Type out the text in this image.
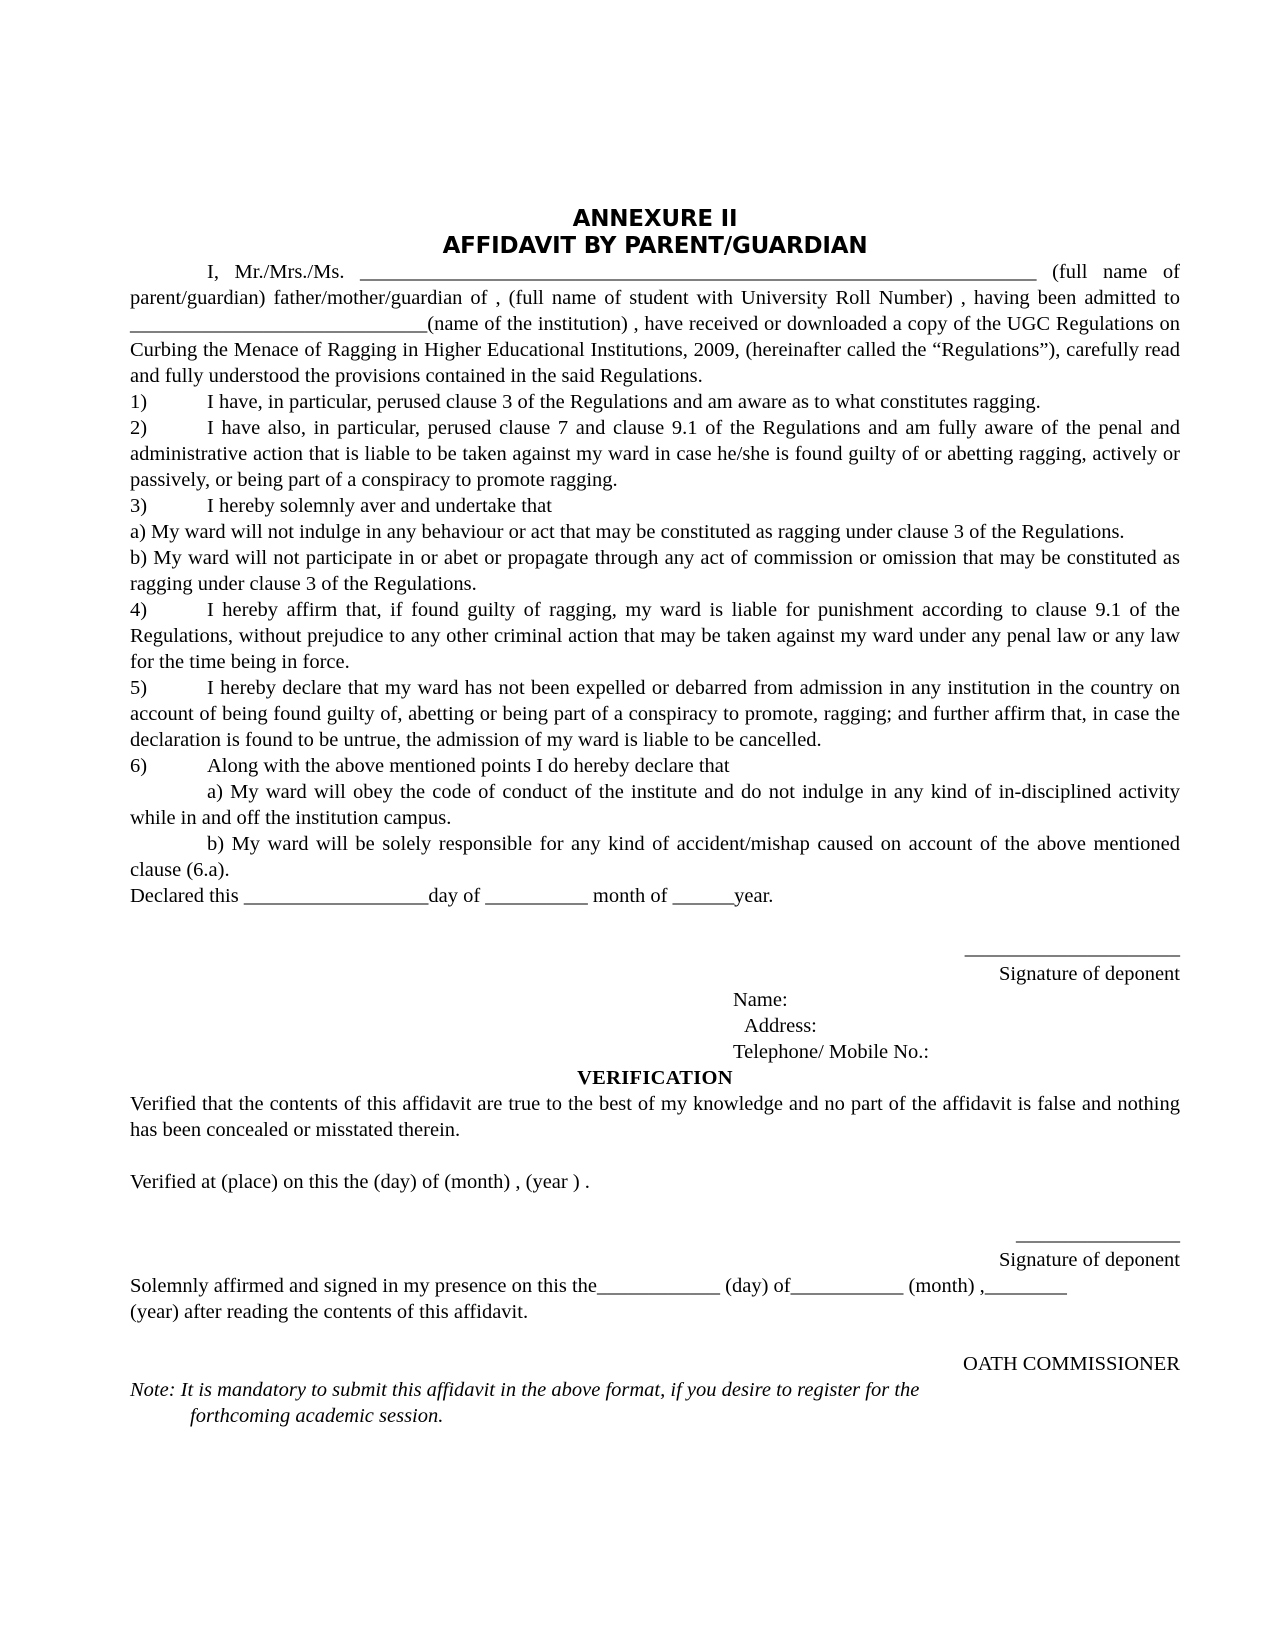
ANNEXURE II
AFFIDAVIT BY PARENT/GUARDIAN

I, Mr./Mrs./Ms. __________________________________________________________________ (full name of parent/guardian) father/mother/guardian of , (full name of student with University Roll Number) , having been admitted to _____________________________(name of the institution) , have received or downloaded a copy of the UGC Regulations on Curbing the Menace of Ragging in Higher Educational Institutions, 2009, (hereinafter called the “Regulations”), carefully read and fully understood the provisions contained in the said Regulations.

1)	I have, in particular, perused clause 3 of the Regulations and am aware as to what constitutes ragging.

2)	I have also, in particular, perused clause 7 and clause 9.1 of the Regulations and am fully aware of the penal and administrative action that is liable to be taken against my ward in case he/she is found guilty of or abetting ragging, actively or passively, or being part of a conspiracy to promote ragging.

3)	I hereby solemnly aver and undertake that

a) My ward will not indulge in any behaviour or act that may be constituted as ragging under clause 3 of the Regulations.

b) My ward will not participate in or abet or propagate through any act of commission or omission that may be constituted as ragging under clause 3 of the Regulations.

4)	I hereby affirm that, if found guilty of ragging, my ward is liable for punishment according to clause 9.1 of the Regulations, without prejudice to any other criminal action that may be taken against my ward under any penal law or any law for the time being in force.

5)	I hereby declare that my ward has not been expelled or debarred from admission in any institution in the country on account of being found guilty of, abetting or being part of a conspiracy to promote, ragging; and further affirm that, in case the declaration is found to be untrue, the admission of my ward is liable to be cancelled.

6)	Along with the above mentioned points I do hereby declare that

a) My ward will obey the code of conduct of the institute and do not indulge in any kind of in-disciplined activity while in and off the institution campus.

b) My ward will be solely responsible for any kind of accident/mishap caused on account of the above mentioned clause (6.a).

Declared this __________________day of __________ month of ______year.

_____________________

Signature of deponent

Name:

Address:

Telephone/ Mobile No.:

VERIFICATION

Verified that the contents of this affidavit are true to the best of my knowledge and no part of the affidavit is false and nothing has been concealed or misstated therein.

Verified at (place) on this the (day) of (month) , (year ) .

________________

Signature of deponent

Solemnly affirmed and signed in my presence on this the____________ (day) of___________ (month) ,________
(year) after reading the contents of this affidavit.

OATH COMMISSIONER

Note: It is mandatory to submit this affidavit in the above format, if you desire to register for the

forthcoming academic session.
